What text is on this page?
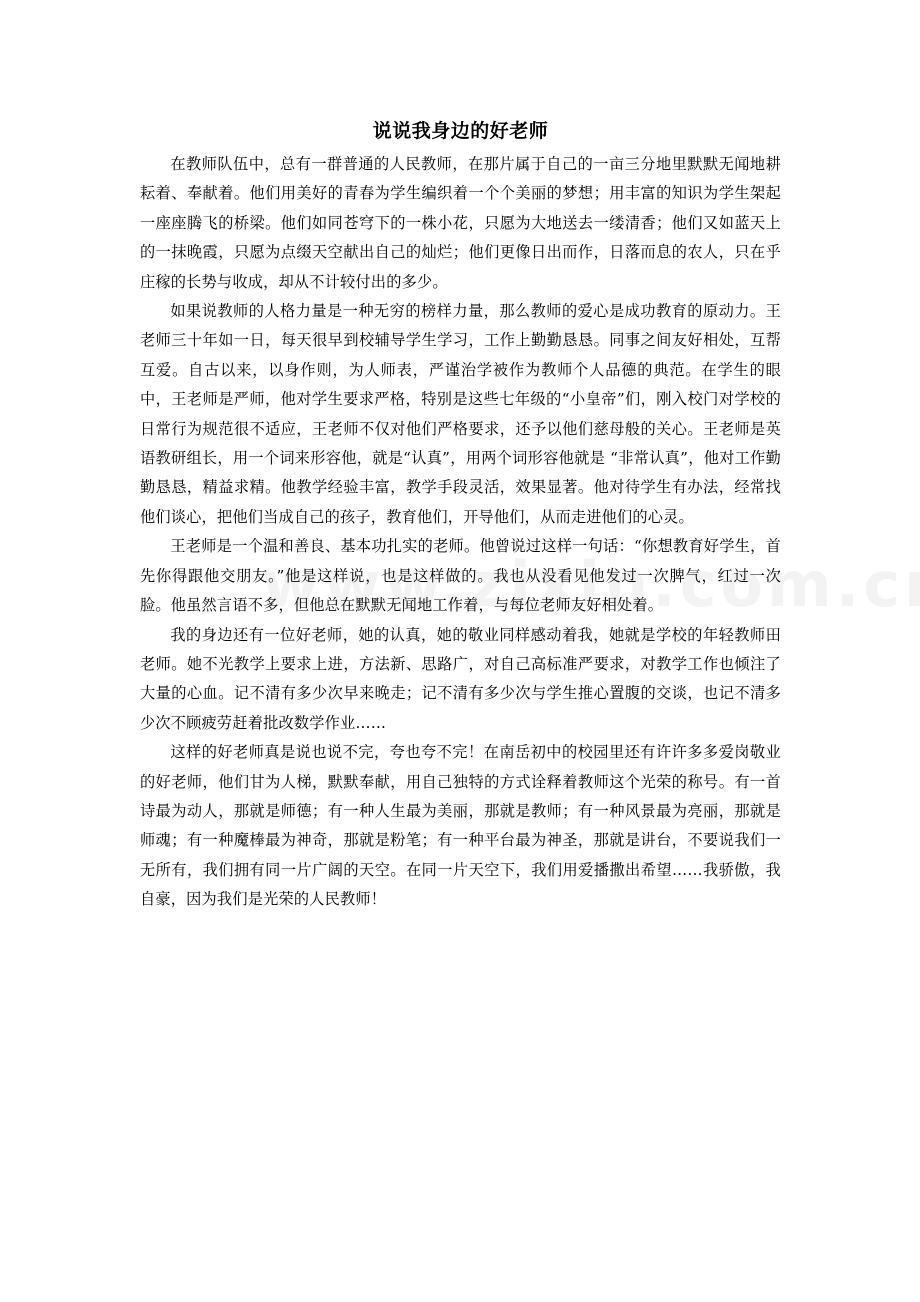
说说我身边的好老师

在教师队伍中，总有一群普通的人民教师，在那片属于自己的一亩三分地里默默无闻地耕耘着、奉献着。他们用美好的青春为学生编织着一个个美丽的梦想；用丰富的知识为学生架起一座座腾飞的桥梁。他们如同苍穹下的一株小花，只愿为大地送去一缕清香；他们又如蓝天上的一抹晚霞，只愿为点缀天空献出自己的灿烂；他们更像日出而作，日落而息的农人，只在乎庄稼的长势与收成，却从不计较付出的多少。

如果说教师的人格力量是一种无穷的榜样力量，那么教师的爱心是成功教育的原动力。王老师三十年如一日，每天很早到校辅导学生学习，工作上勤勤恳恳。同事之间友好相处，互帮互爱。自古以来，以身作则，为人师表，严谨治学被作为教师个人品德的典范。在学生的眼中，王老师是严师，他对学生要求严格，特别是这些七年级的“小皇帝”们，刚入校门对学校的日常行为规范很不适应，王老师不仅对他们严格要求，还予以他们慈母般的关心。王老师是英语教研组长，用一个词来形容他，就是“认真”，用两个词形容他就是 “非常认真”，他对工作勤勤恳恳，精益求精。他教学经验丰富，教学手段灵活，效果显著。他对待学生有办法，经常找他们谈心，把他们当成自己的孩子，教育他们，开导他们，从而走进他们的心灵。

王老师是一个温和善良、基本功扎实的老师。他曾说过这样一句话：“你想教育好学生，首先你得跟他交朋友。”他是这样说，也是这样做的。我也从没看见他发过一次脾气，红过一次脸。他虽然言语不多，但他总在默默无闻地工作着，与每位老师友好相处着。

我的身边还有一位好老师，她的认真，她的敬业同样感动着我，她就是学校的年轻教师田老师。她不光教学上要求上进，方法新、思路广，对自己高标准严要求，对教学工作也倾注了大量的心血。记不清有多少次早来晚走；记不清有多少次与学生推心置腹的交谈，也记不清多少次不顾疲劳赶着批改数学作业……

这样的好老师真是说也说不完，夸也夸不完！在南岳初中的校园里还有许许多多爱岗敬业的好老师，他们甘为人梯，默默奉献，用自己独特的方式诠释着教师这个光荣的称号。有一首诗最为动人，那就是师德；有一种人生最为美丽，那就是教师；有一种风景最为亮丽，那就是师魂；有一种魔棒最为神奇，那就是粉笔；有一种平台最为神圣，那就是讲台，不要说我们一无所有，我们拥有同一片广阔的天空。在同一片天空下，我们用爱播撒出希望……我骄傲，我自豪，因为我们是光荣的人民教师！
